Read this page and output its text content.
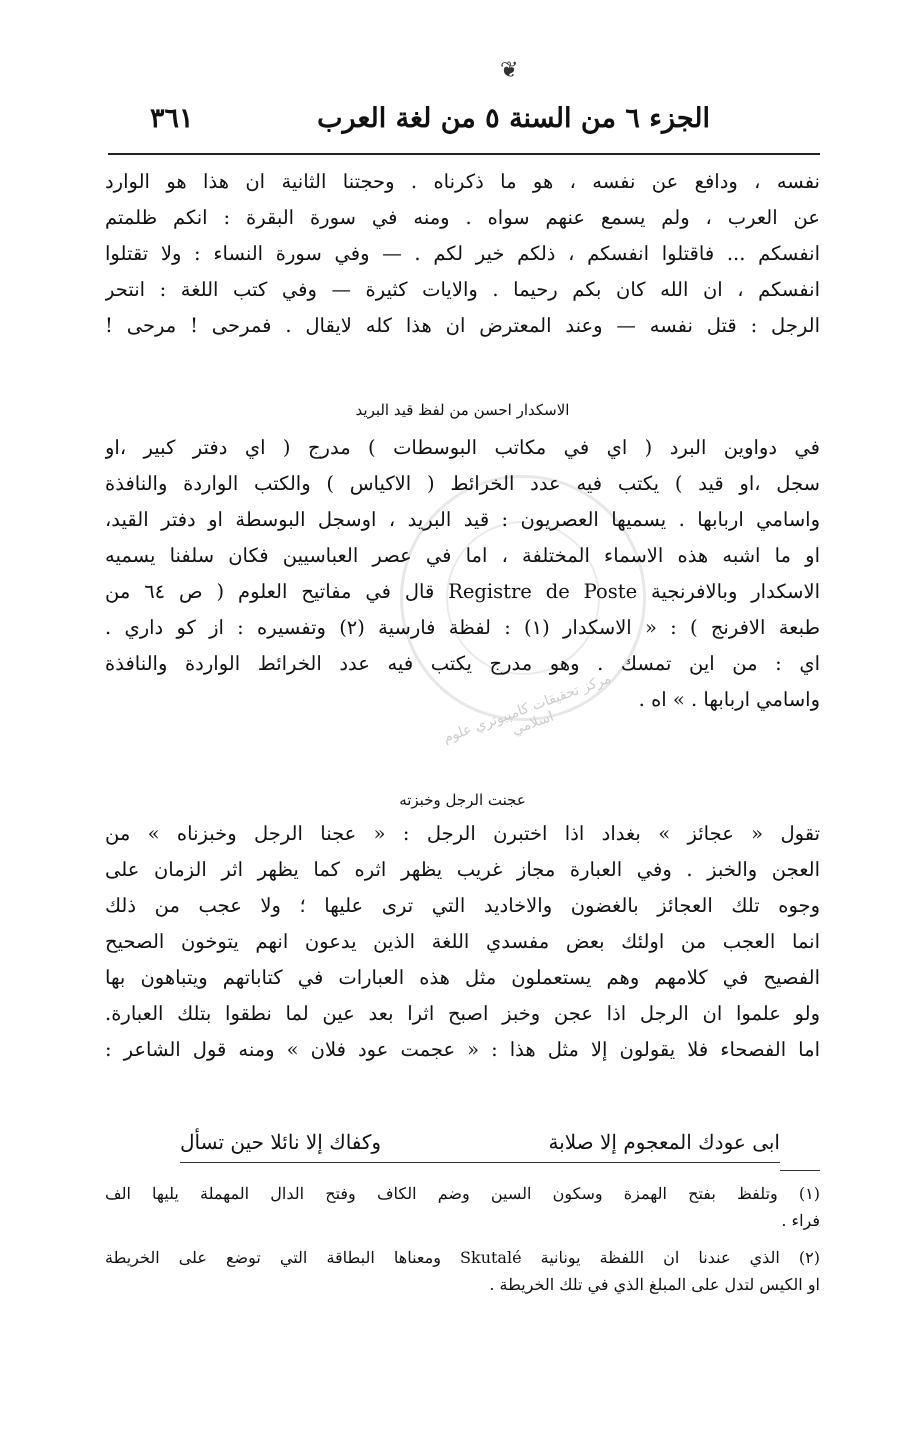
❦
الجزء ٦ من السنة ٥ من لغة العرب
٣٦١
نفسه ، ودافع عن نفسه ، هو ما ذكرناه . وحجتنا الثانية ان هذا هو الوارد
عن العرب ، ولم يسمع عنهم سواه . ومنه في سورة البقرة : انكم ظلمتم
انفسكم ... فاقتلوا انفسكم ، ذلكم خير لكم . — وفي سورة النساء : ولا تقتلوا
انفسكم ، ان الله كان بكم رحيما . والايات كثيرة — وفي كتب اللغة : انتحر
الرجل : قتل نفسه — وعند المعترض ان هذا كله لايقال . فمرحى ! مرحى !
الاسكدار احسن من لفظ قيد البريد
في دواوين البرد ( اي في مكاتب البوسطات ) مدرج ( اي دفتر كبير ،او
سجل ،او قيد ) يكتب فيه عدد الخرائط ( الاكياس ) والكتب الواردة والنافذة
واسامي اربابها . يسميها العصريون : قيد البريد ، اوسجل البوسطة او دفتر القيد،
او ما اشبه هذه الاسماء المختلفة ، اما في عصر العباسيين فكان سلفنا يسميه
الاسكدار وبالافرنجية Registre de Poste قال في مفاتيح العلوم ( ص ٦٤ من
طبعة الافرنج ) : « الاسكدار (١) : لفظة فارسية (٢) وتفسيره : از كو داري .
اي : من اين تمسك . وهو مدرج يكتب فيه عدد الخرائط الواردة والنافذة
واسامي اربابها . » اه .
عجنت الرجل وخبزته
تقول « عجائز » بغداد اذا اختبرن الرجل : « عجنا الرجل وخبزناه » من
العجن والخبز . وفي العبارة مجاز غريب يظهر اثره كما يظهر اثر الزمان على
وجوه تلك العجائز بالغضون والاخاديد التي ترى عليها ؛ ولا عجب من ذلك
انما العجب من اولئك بعض مفسدي اللغة الذين يدعون انهم يتوخون الصحيح
الفصيح في كلامهم وهم يستعملون مثل هذه العبارات في كتاباتهم ويتباهون بها
ولو علموا ان الرجل اذا عجن وخبز اصبح اثرا بعد عين لما نطقوا بتلك العبارة.
اما الفصحاء فلا يقولون إلا مثل هذا : « عجمت عود فلان » ومنه قول الشاعر :
ابى عودك المعجوم إلا صلابة
وكفاك إلا نائلا حين تسأل
(١) وتلفظ بفتح الهمزة وسكون السين وضم الكاف وفتح الدال المهملة يليها الف
فراء .
(٢) الذي عندنا ان اللفظة يونانية Skutalé ومعناها البطاقة التي توضع على الخريطة
او الكيس لتدل على المبلغ الذي في تلك الخريطة .
مركز تحقيقات كامپيوتري علوم اسلامي
